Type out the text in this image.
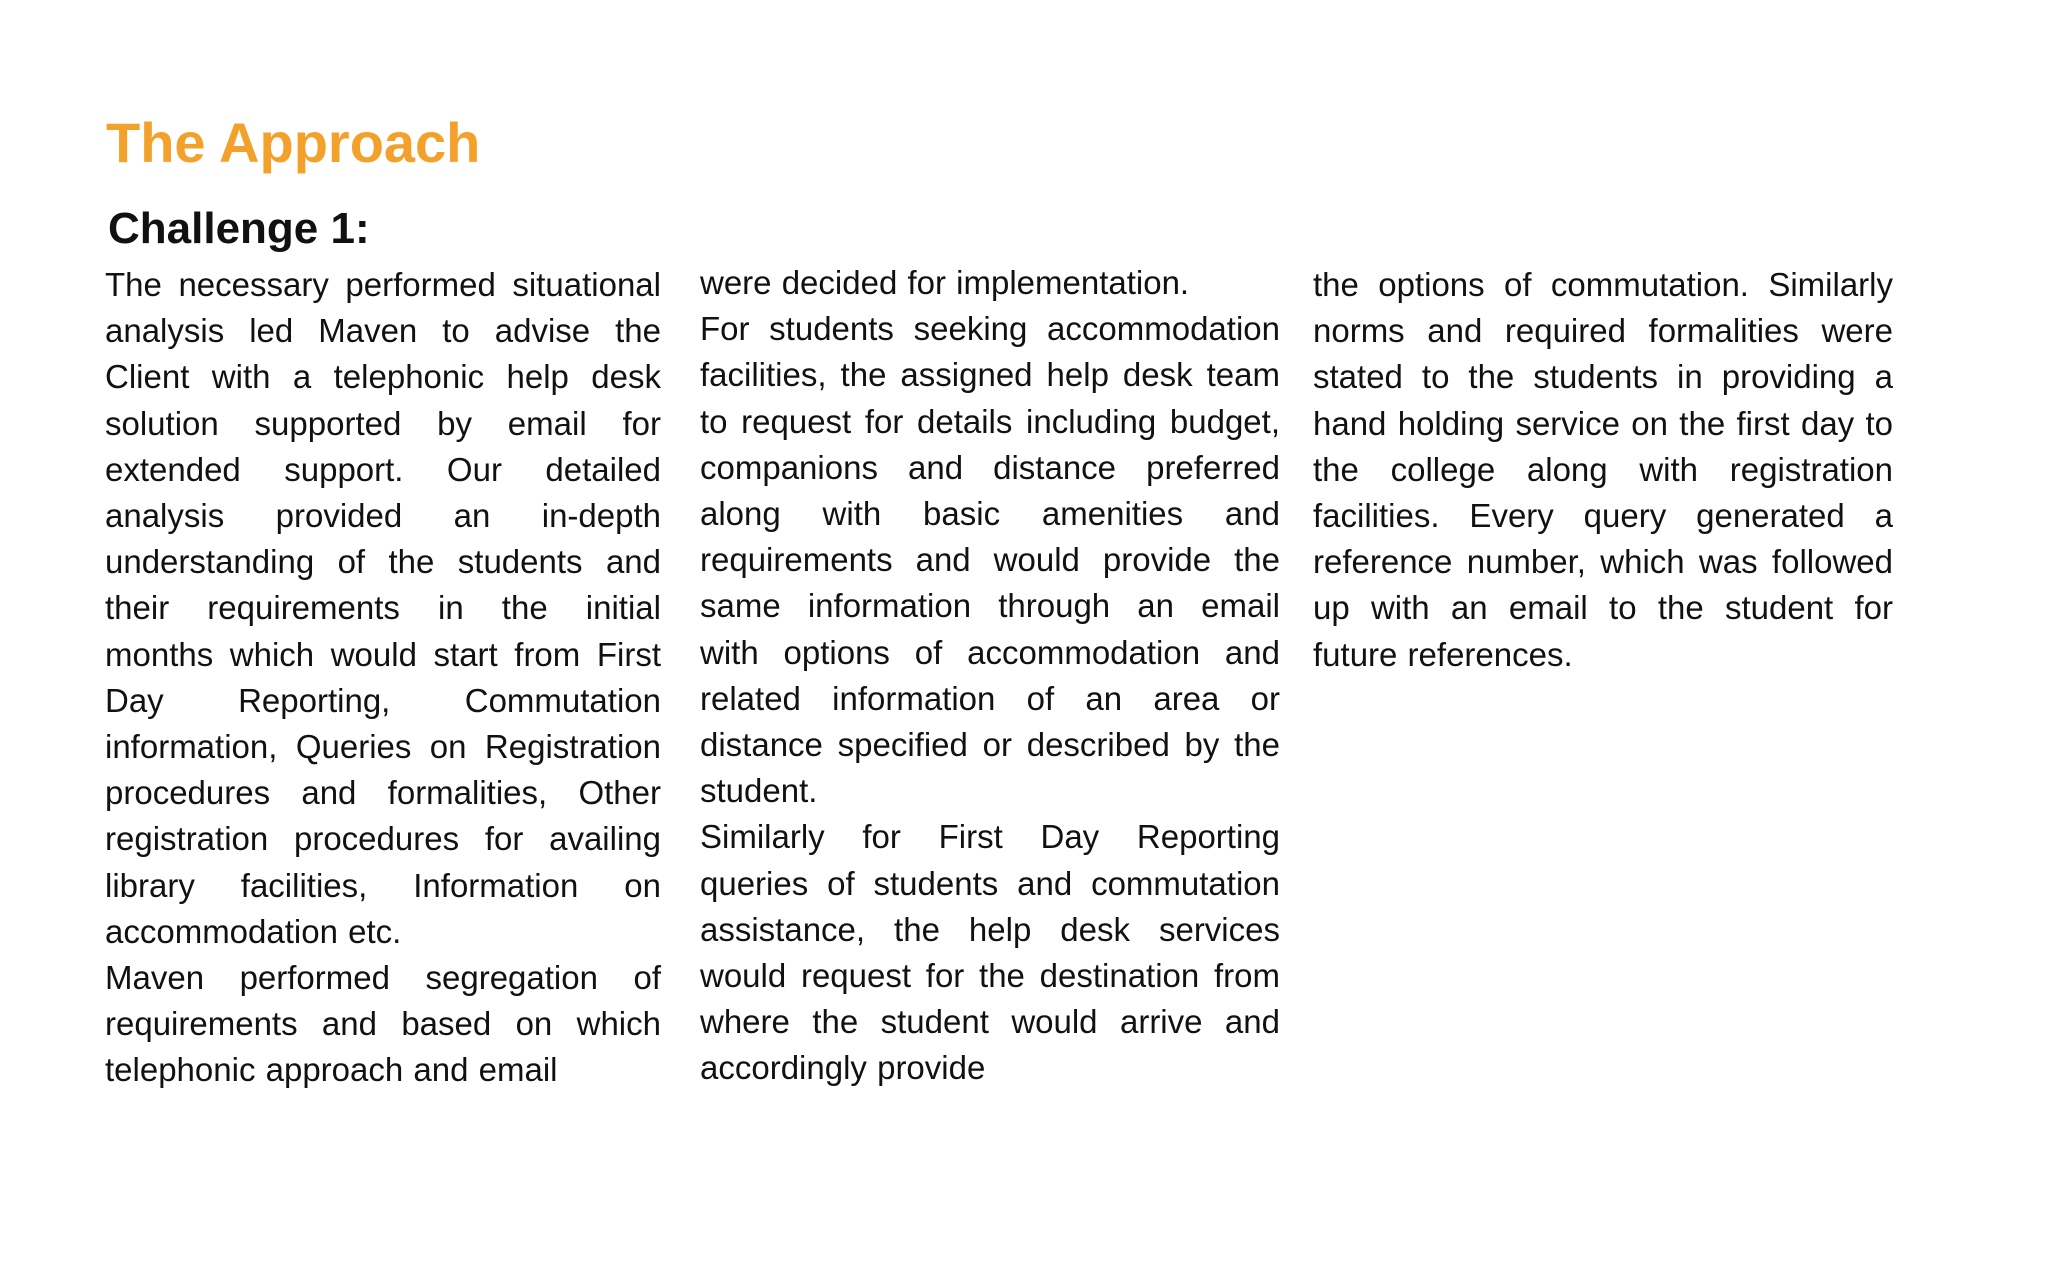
The Approach
Challenge 1:

The necessary performed situational analysis led Maven to advise the Client with a telephonic help desk solution supported by email for extended support. Our detailed analysis provided an in-depth understanding of the students and their requirements in the initial months which would start from First Day Reporting, Commutation information, Queries on Registration procedures and formalities, Other registration procedures for availing library facilities, Information on accommodation etc.

Maven performed segregation of requirements and based on which telephonic approach and email

were decided for implementation.

For students seeking accommodation facilities, the assigned help desk team to request for details including budget, companions and distance preferred along with basic amenities and requirements and would provide the same information through an email with options of accommodation and related information of an area or distance specified or described by the student.

Similarly for First Day Reporting queries of students and commutation assistance, the help desk services would request for the destination from where the student would arrive and accordingly provide

the options of commutation. Similarly norms and required formalities were stated to the students in providing a hand holding service on the first day to the college along with registration facilities. Every query generated a reference number, which was followed up with an email to the student for future references.
